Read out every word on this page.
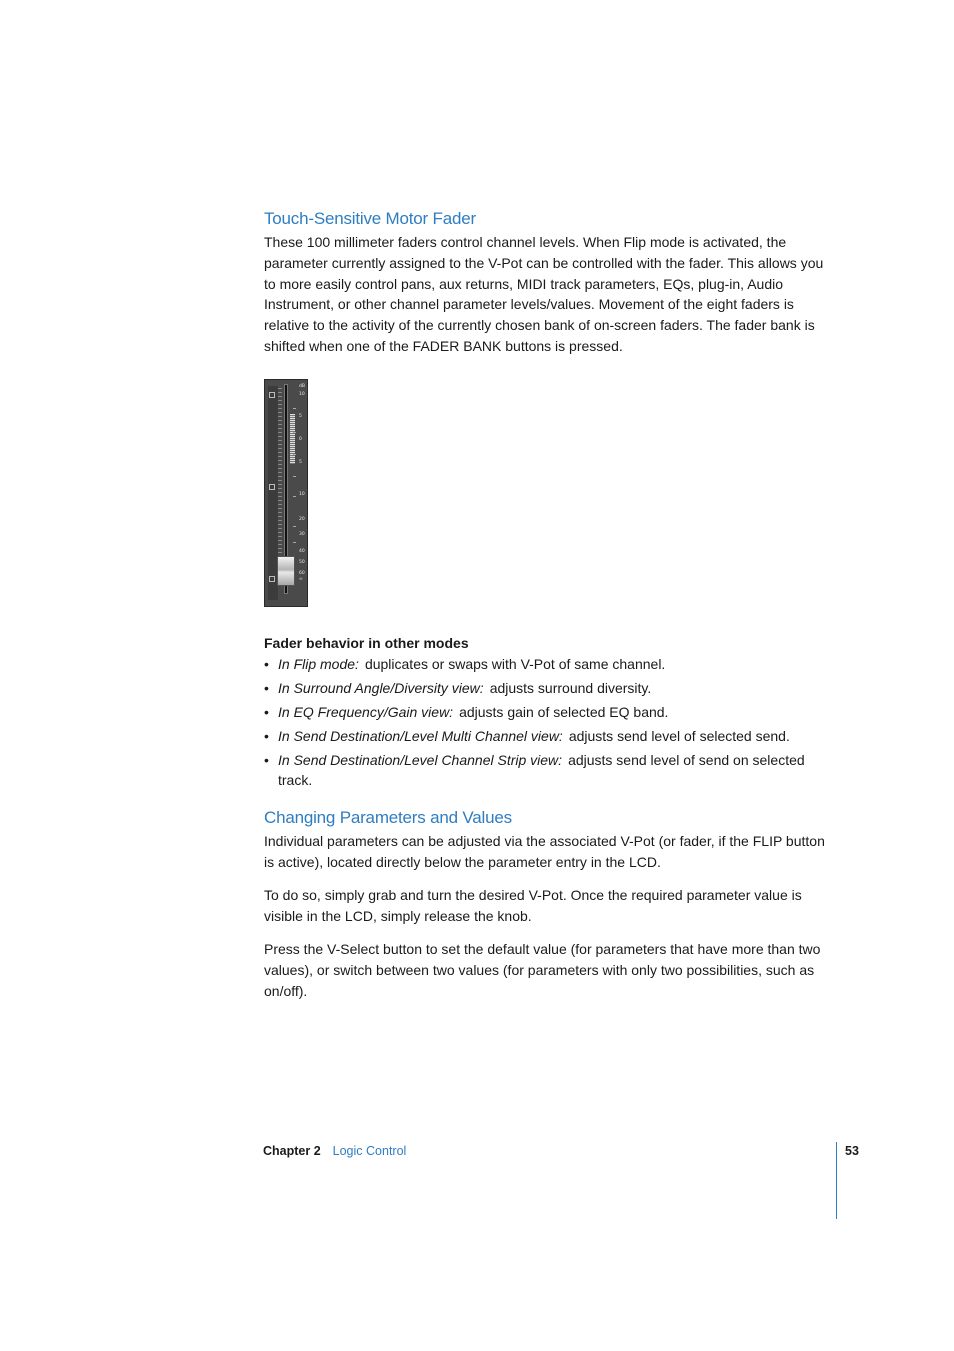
Touch-Sensitive Motor Fader

These 100 millimeter faders control channel levels. When Flip mode is activated, the parameter currently assigned to the V-Pot can be controlled with the fader. This allows you to more easily control pans, aux returns, MIDI track parameters, EQs, plug-in, Audio Instrument, or other channel parameter levels/values. Movement of the eight faders is relative to the activity of the currently chosen bank of on-screen faders. The fader bank is shifted when one of the FADER BANK buttons is pressed.

dB
10
5
0
5
10
20
30
40
50
60
∞
Fader behavior in other modes

• In Flip mode: duplicates or swaps with V-Pot of same channel.

• In Surround Angle/Diversity view: adjusts surround diversity.

• In EQ Frequency/Gain view: adjusts gain of selected EQ band.

• In Send Destination/Level Multi Channel view: adjusts send level of selected send.

• In Send Destination/Level Channel Strip view: adjusts send level of send on selected track.

Changing Parameters and Values

Individual parameters can be adjusted via the associated V-Pot (or fader, if the FLIP button is active), located directly below the parameter entry in the LCD.

To do so, simply grab and turn the desired V-Pot. Once the required parameter value is visible in the LCD, simply release the knob.

Press the V-Select button to set the default value (for parameters that have more than two values), or switch between two values (for parameters with only two possibilities, such as on/off).

Chapter 2 Logic Control	53
